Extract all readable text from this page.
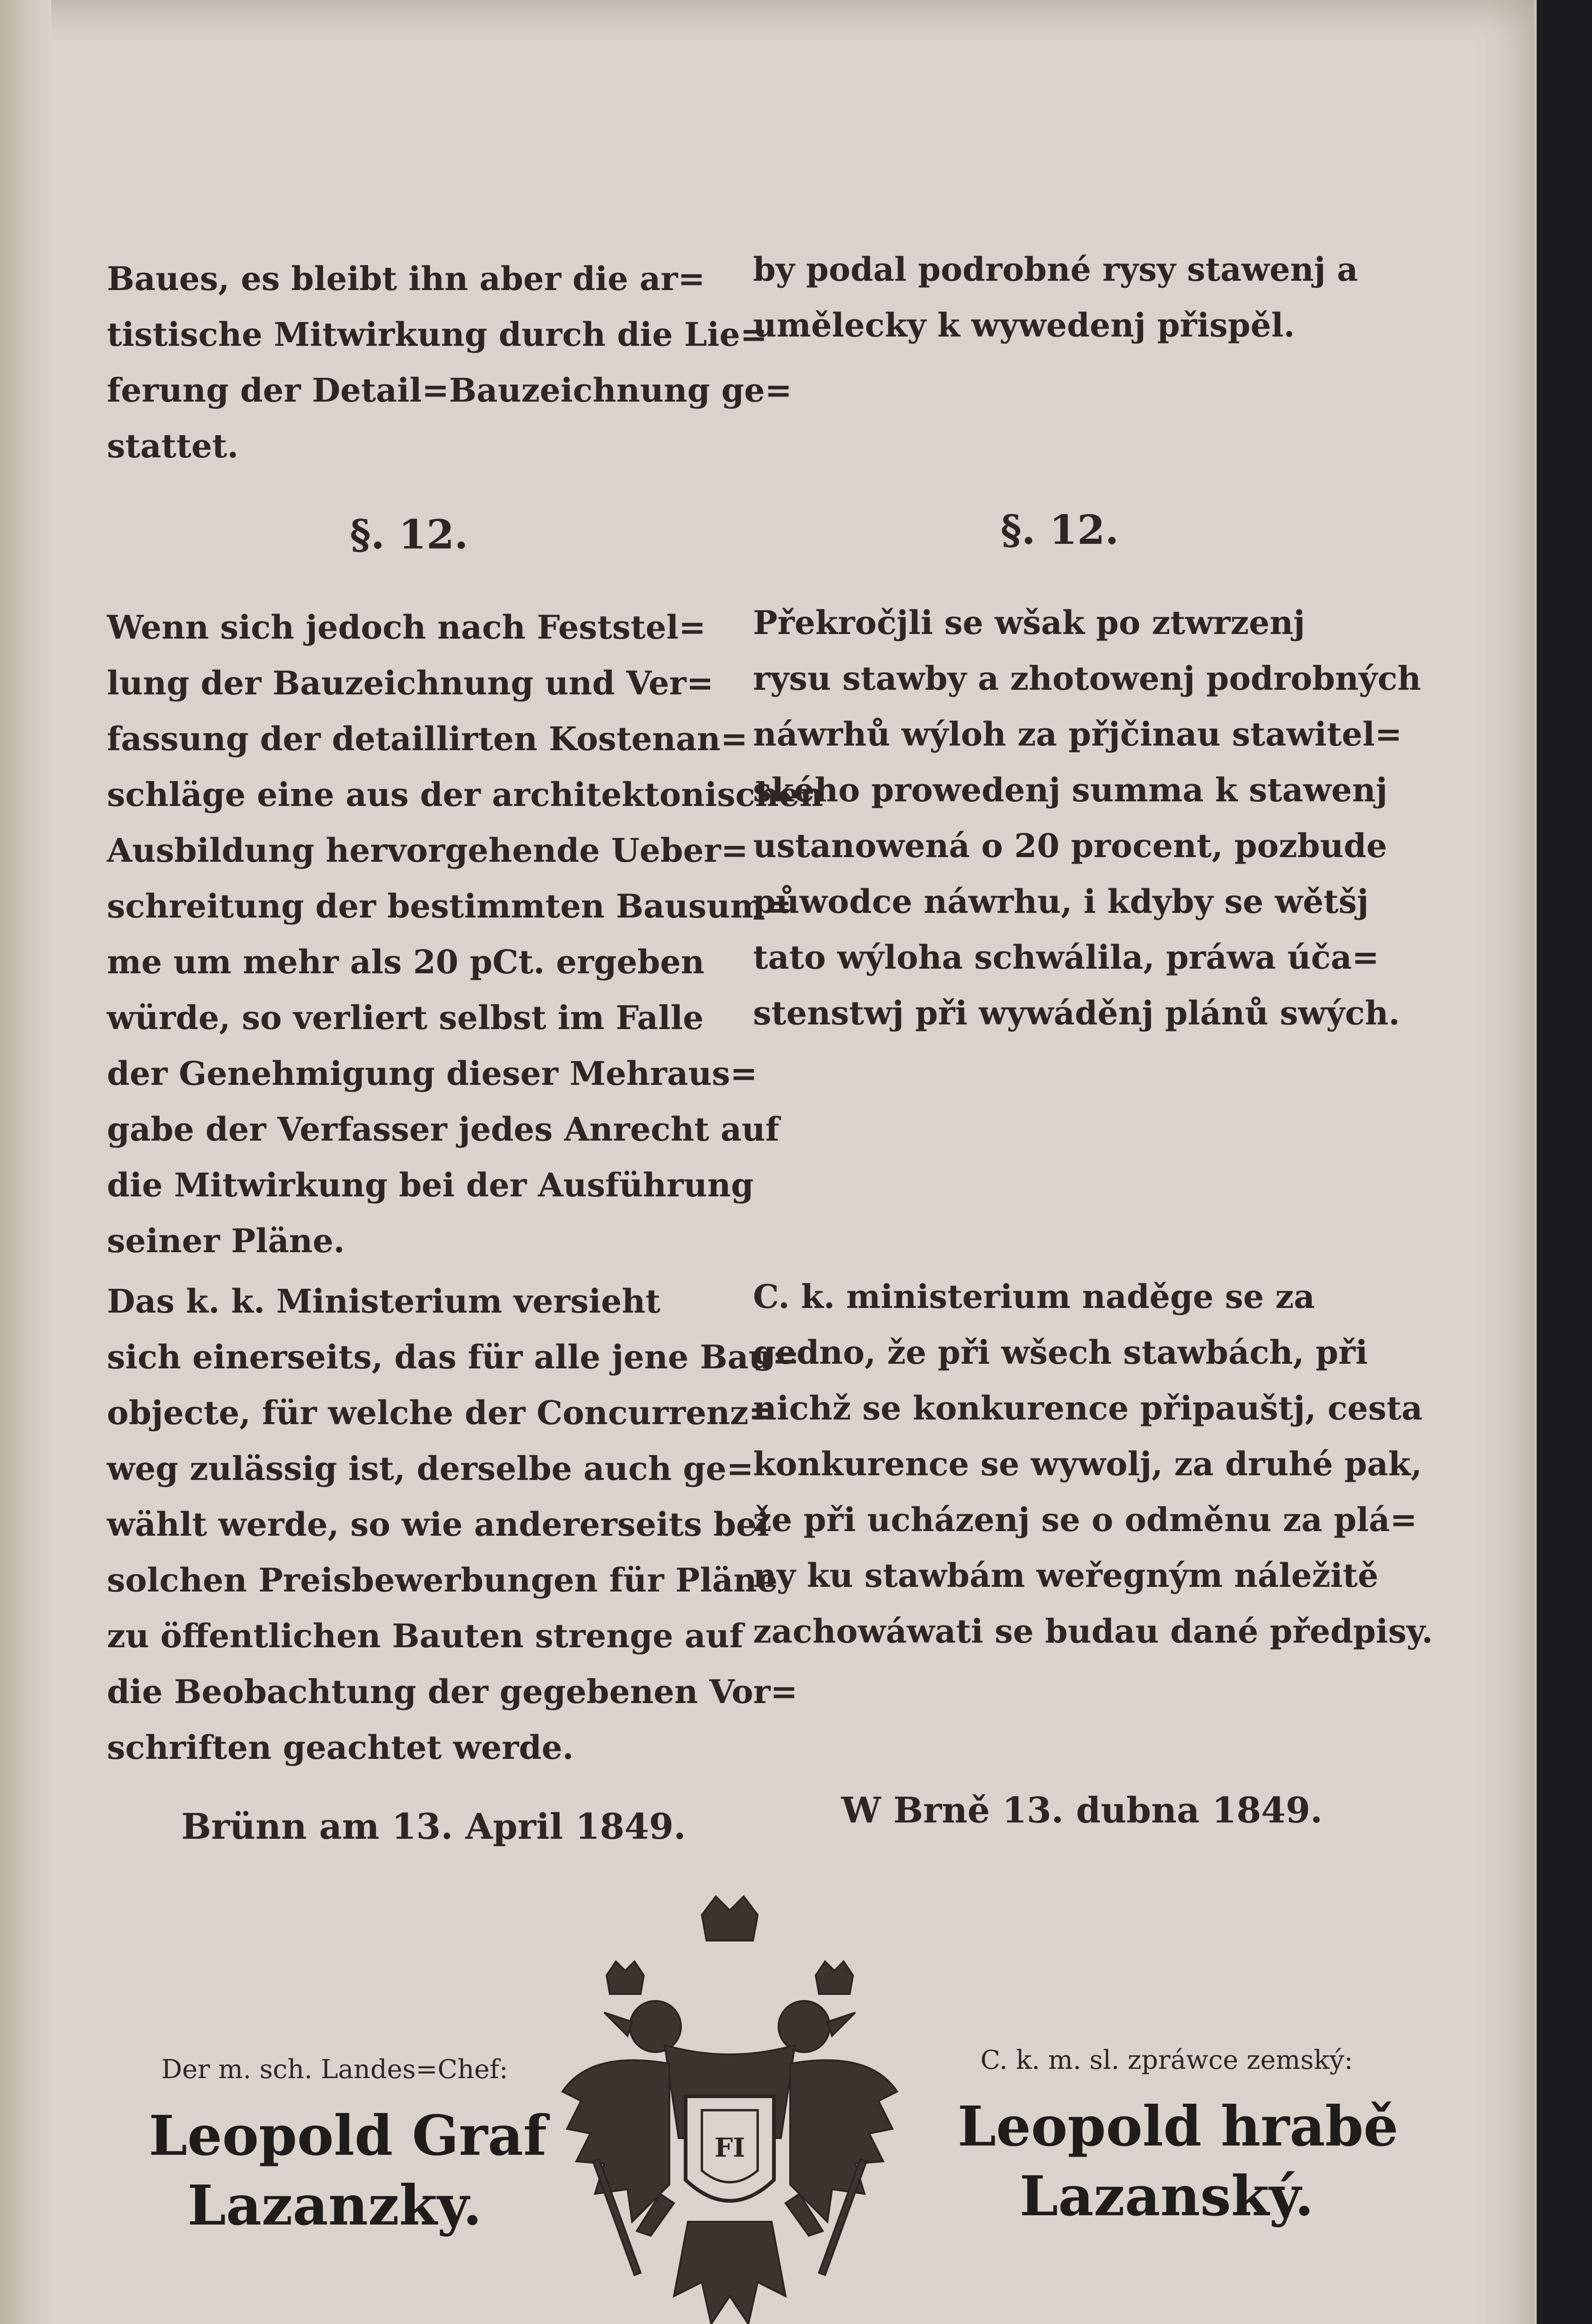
Baues, es bleibt ihn aber die ar=
tistische Mitwirkung durch die Lie=
ferung der Detail=Bauzeichnung ge=
stattet.
by podal podrobné rysy stawenj a
umělecky k wywedenj přispěl.
§. 12.	§. 12.
Wenn sich jedoch nach Feststel=
lung der Bauzeichnung und Ver=
fassung der detaillirten Kostenan=
schläge eine aus der architektonischen
Ausbildung hervorgehende Ueber=
schreitung der bestimmten Bausum=
me um mehr als 20 pCt. ergeben
würde, so verliert selbst im Falle
der Genehmigung dieser Mehraus=
gabe der Verfasser jedes Anrecht auf
die Mitwirkung bei der Ausführung
seiner Pläne.
Překročjli se wšak po ztwrzenj
rysu stawby a zhotowenj podrobných
náwrhů wýloh za přjčinau stawitel=
ského prowedenj summa k stawenj
ustanowená o 20 procent, pozbude
půwodce náwrhu, i kdyby se wětšj
tato wýloha schwálila, práwa úča=
stenstwj při wywáděnj plánů swých.
Das k. k. Ministerium versieht
sich einerseits, das für alle jene Bau=
objecte, für welche der Concurrenz=
weg zulässig ist, derselbe auch ge=
wählt werde, so wie andererseits bei
solchen Preisbewerbungen für Pläne
zu öffentlichen Bauten strenge auf
die Beobachtung der gegebenen Vor=
schriften geachtet werde.
C. k. ministerium naděge se za
gedno, že při wšech stawbách, při
nichž se konkurence připauštj, cesta
konkurence se wywolj, za druhé pak,
že při ucházenj se o odměnu za plá=
ny ku stawbám weřegným náležitě
zachowáwati se budau dané předpisy.
Brünn am 13. April 1849.	W Brně 13. dubna 1849.
Der m. sch. Landes=Chef:
Leopold Graf
Lazanzky.
C. k. m. sl. zpráwce zemský:
Leopold hrabě
Lazanský.
FI
